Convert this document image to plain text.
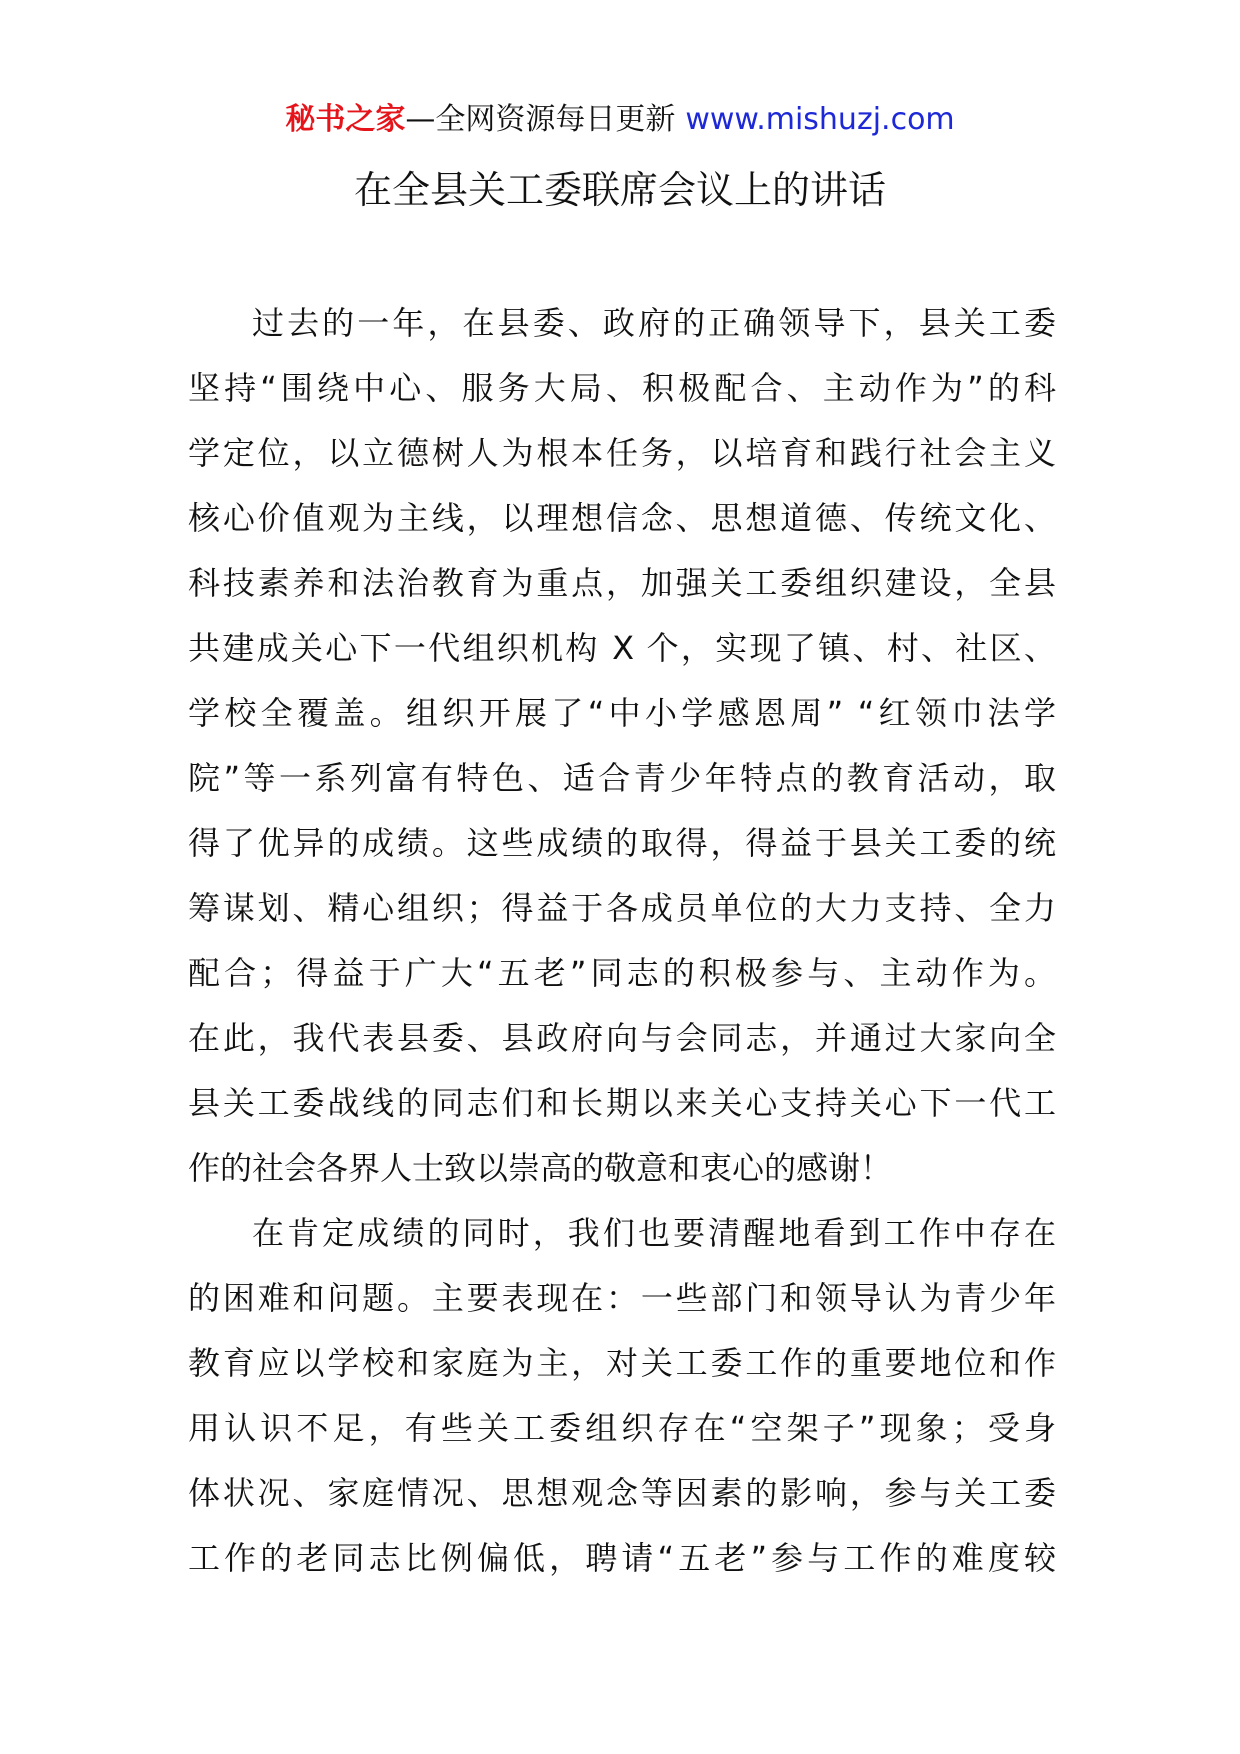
秘书之家—全网资源每日更新 www.mishuzj.com
在全县关工委联席会议上的讲话
过去的一年，在县委、政府的正确领导下，县关工委
坚持“围绕中心、服务大局、积极配合、主动作为”的科
学定位，以立德树人为根本任务，以培育和践行社会主义
核心价值观为主线，以理想信念、思想道德、传统文化、
科技素养和法治教育为重点，加强关工委组织建设，全县
共建成关心下一代组织机构 X 个，实现了镇、村、社区、
学校全覆盖。组织开展了“中小学感恩周” “红领巾法学
院”等一系列富有特色、适合青少年特点的教育活动，取
得了优异的成绩。这些成绩的取得，得益于县关工委的统
筹谋划、精心组织；得益于各成员单位的大力支持、全力
配合；得益于广大“五老”同志的积极参与、主动作为。
在此，我代表县委、县政府向与会同志，并通过大家向全
县关工委战线的同志们和长期以来关心支持关心下一代工
作的社会各界人士致以崇高的敬意和衷心的感谢！
在肯定成绩的同时，我们也要清醒地看到工作中存在
的困难和问题。主要表现在：一些部门和领导认为青少年
教育应以学校和家庭为主，对关工委工作的重要地位和作
用认识不足，有些关工委组织存在“空架子”现象；受身
体状况、家庭情况、思想观念等因素的影响，参与关工委
工作的老同志比例偏低，聘请“五老”参与工作的难度较
